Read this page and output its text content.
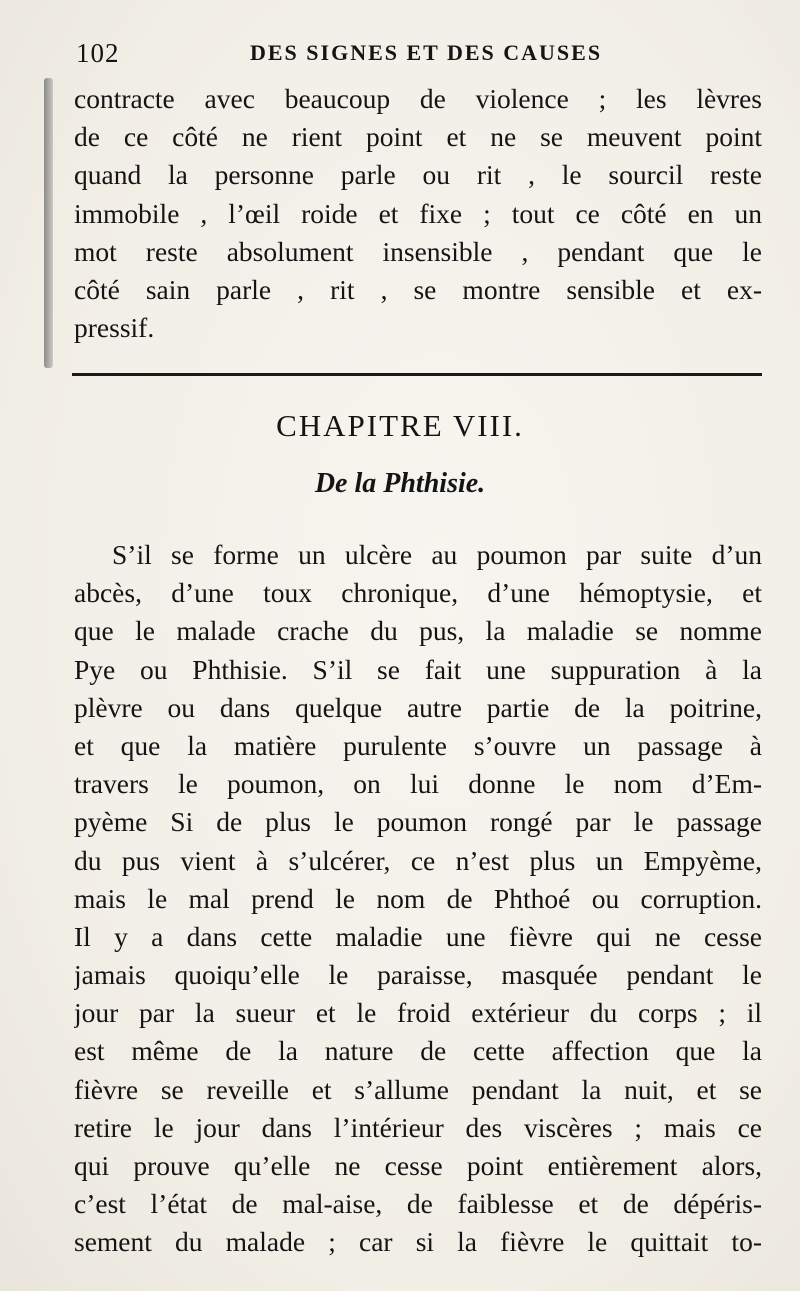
102	DES SIGNES ET DES CAUSES
contracte avec beaucoup de violence ; les lèvres
de ce côté ne rient point et ne se meuvent point
quand la personne parle ou rit , le sourcil reste
immobile , l’œil roide et fixe ; tout ce côté en un
mot reste absolument insensible , pendant que le
côté sain parle , rit , se montre sensible et ex-
pressif.
CHAPITRE VIII.
De la Phthisie.
S’il se forme un ulcère au poumon par suite d’un
abcès, d’une toux chronique, d’une hémoptysie, et
que le malade crache du pus, la maladie se nomme
Pye ou Phthisie. S’il se fait une suppuration à la
plèvre ou dans quelque autre partie de la poitrine,
et que la matière purulente s’ouvre un passage à
travers le poumon, on lui donne le nom d’Em-
pyème Si de plus le poumon rongé par le passage
du pus vient à s’ulcérer, ce n’est plus un Empyème,
mais le mal prend le nom de Phthoé ou corruption.
Il y a dans cette maladie une fièvre qui ne cesse
jamais quoiqu’elle le paraisse, masquée pendant le
jour par la sueur et le froid extérieur du corps ; il
est même de la nature de cette affection que la
fièvre se reveille et s’allume pendant la nuit, et se
retire le jour dans l’intérieur des viscères ; mais ce
qui prouve qu’elle ne cesse point entièrement alors,
c’est l’état de mal-aise, de faiblesse et de dépéris-
sement du malade ; car si la fièvre le quittait to-
